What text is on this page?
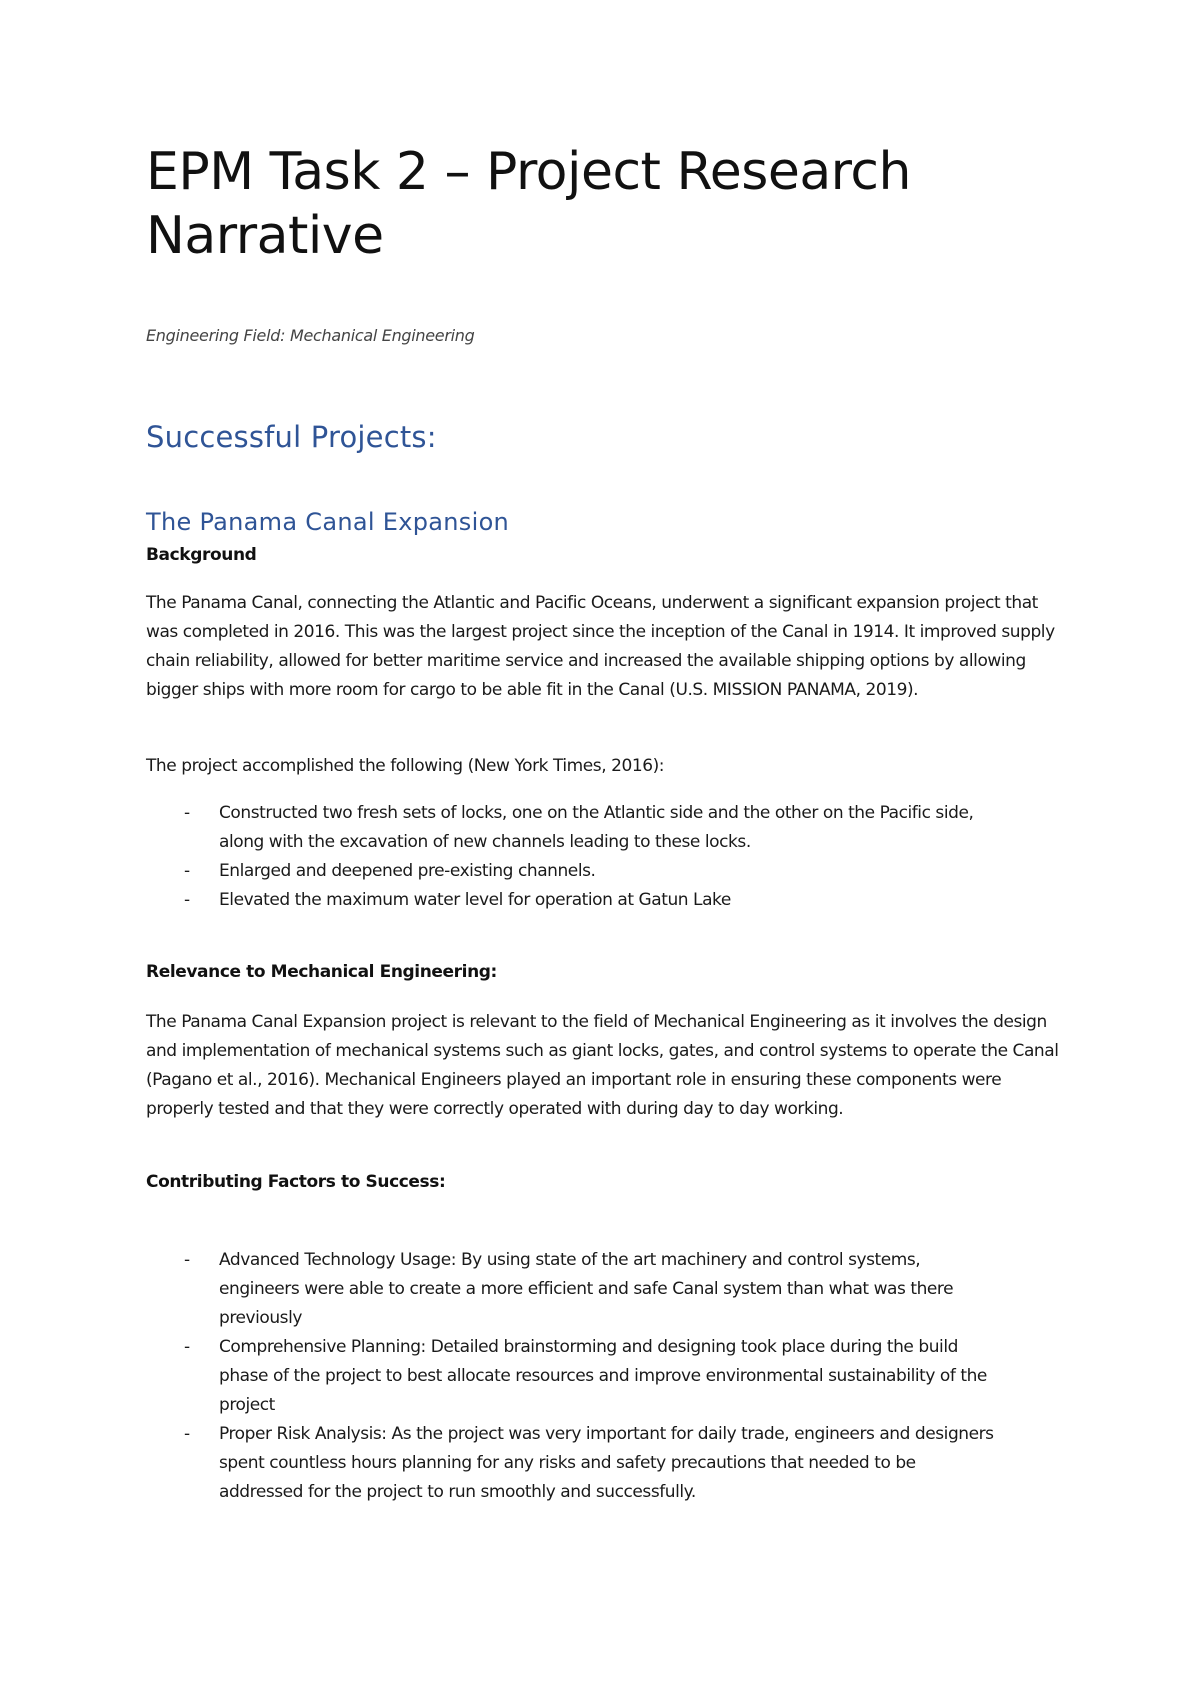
EPM Task 2 – Project Research Narrative
Engineering Field: Mechanical Engineering
Successful Projects:
The Panama Canal Expansion
Background

The Panama Canal, connecting the Atlantic and Pacific Oceans, underwent a significant expansion project that was completed in 2016. This was the largest project since the inception of the Canal in 1914. It improved supply chain reliability, allowed for better maritime service and increased the available shipping options by allowing bigger ships with more room for cargo to be able fit in the Canal (U.S. MISSION PANAMA, 2019).

The project accomplished the following (New York Times, 2016):

- Constructed two fresh sets of locks, one on the Atlantic side and the other on the Pacific side, along with the excavation of new channels leading to these locks.
- Enlarged and deepened pre-existing channels.
- Elevated the maximum water level for operation at Gatun Lake
Relevance to Mechanical Engineering:

The Panama Canal Expansion project is relevant to the field of Mechanical Engineering as it involves the design and implementation of mechanical systems such as giant locks, gates, and control systems to operate the Canal (Pagano et al., 2016). Mechanical Engineers played an important role in ensuring these components were properly tested and that they were correctly operated with during day to day working.

Contributing Factors to Success:
- Advanced Technology Usage: By using state of the art machinery and control systems, engineers were able to create a more efficient and safe Canal system than what was there previously
- Comprehensive Planning: Detailed brainstorming and designing took place during the build phase of the project to best allocate resources and improve environmental sustainability of the project
- Proper Risk Analysis: As the project was very important for daily trade, engineers and designers spent countless hours planning for any risks and safety precautions that needed to be addressed for the project to run smoothly and successfully.
